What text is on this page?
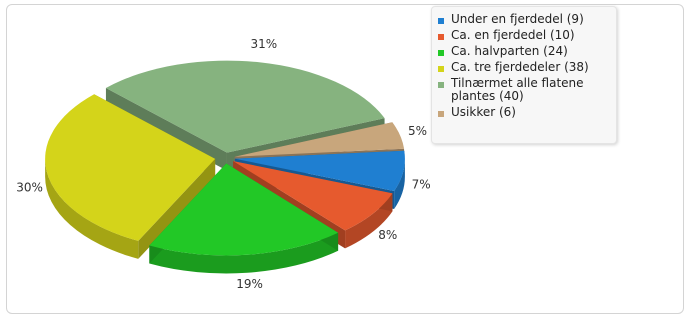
7%
8%
19%
30%
31%
5%
Under en fjerdedel (9)
Ca. en fjerdedel (10)
Ca. halvparten (24)
Ca. tre fjerdedeler (38)
Tilnærmet alle flatene plantes (40)
Usikker (6)
